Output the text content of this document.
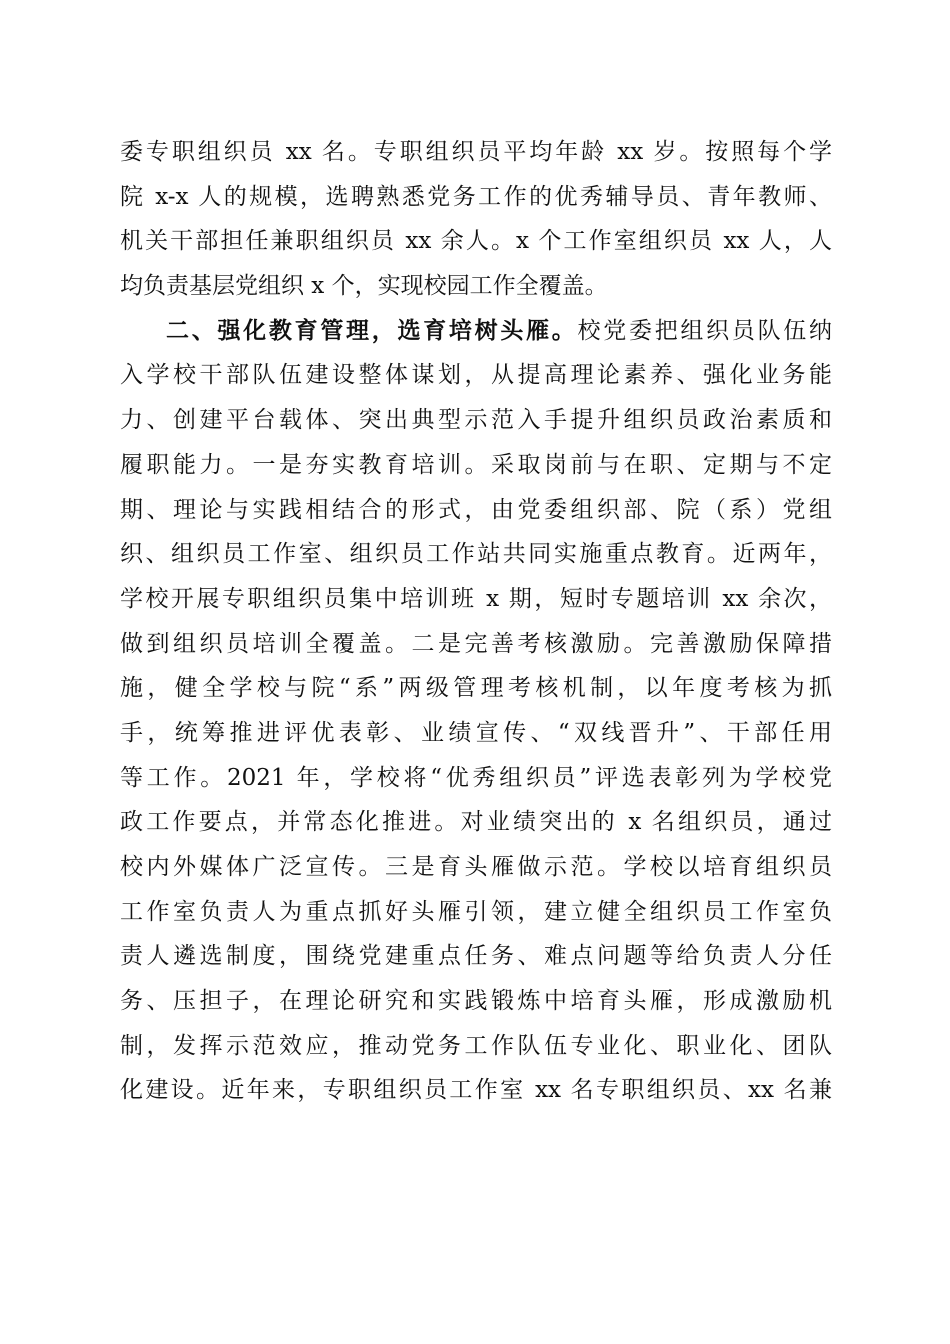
委专职组织员 xx 名。专职组织员平均年龄 xx 岁。按照每个学
院 x-x 人的规模，选聘熟悉党务工作的优秀辅导员、青年教师、
机关干部担任兼职组织员 xx 余人。x 个工作室组织员 xx 人，人
均负责基层党组织 x 个，实现校园工作全覆盖。
二、强化教育管理，选育培树头雁。校党委把组织员队伍纳
入学校干部队伍建设整体谋划，从提高理论素养、强化业务能
力、创建平台载体、突出典型示范入手提升组织员政治素质和
履职能力。一是夯实教育培训。采取岗前与在职、定期与不定
期、理论与实践相结合的形式，由党委组织部、院（系）党组
织、组织员工作室、组织员工作站共同实施重点教育。近两年，
学校开展专职组织员集中培训班 x 期，短时专题培训 xx 余次，
做到组织员培训全覆盖。二是完善考核激励。完善激励保障措
施，健全学校与院“系”两级管理考核机制，以年度考核为抓
手，统筹推进评优表彰、业绩宣传、“双线晋升”、干部任用
等工作。2021 年，学校将“优秀组织员”评选表彰列为学校党
政工作要点，并常态化推进。对业绩突出的 x 名组织员，通过
校内外媒体广泛宣传。三是育头雁做示范。学校以培育组织员
工作室负责人为重点抓好头雁引领，建立健全组织员工作室负
责人遴选制度，围绕党建重点任务、难点问题等给负责人分任
务、压担子，在理论研究和实践锻炼中培育头雁，形成激励机
制，发挥示范效应，推动党务工作队伍专业化、职业化、团队
化建设。近年来，专职组织员工作室 xx 名专职组织员、xx 名兼
